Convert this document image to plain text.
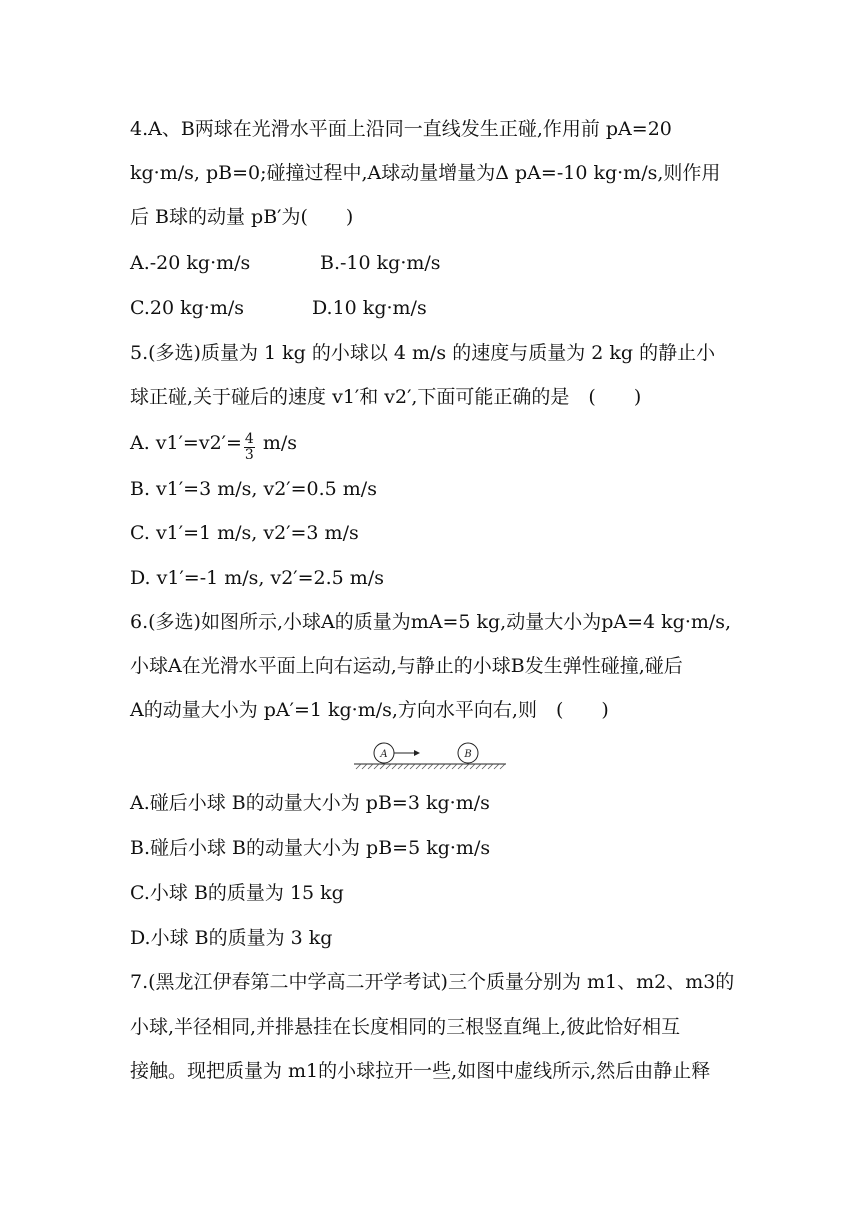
4.A、B两球在光滑水平面上沿同一直线发生正碰,作用前 pA=20
kg·m/s, pB=0;碰撞过程中,A球动量增量为Δ pA=-10 kg·m/s,则作用
后 B球的动量 pB′为(　　)
A.-20 kg·m/s	B.-10 kg·m/s
C.20 kg·m/s	D.10 kg·m/s
5.(多选)质量为 1 kg 的小球以 4 m/s 的速度与质量为 2 kg 的静止小
球正碰,关于碰后的速度 v1′和 v2′,下面可能正确的是　(　　)
A. $v1'=v2'= \frac{4}{3} m/s$
B. v1′=3 m/s, v2′=0.5 m/s
C. v1′=1 m/s, v2′=3 m/s
D. v1′=-1 m/s, v2′=2.5 m/s
6.(多选)如图所示,小球A的质量为mA=5 kg,动量大小为pA=4 kg·m/s,
小球A在光滑水平面上向右运动,与静止的小球B发生弹性碰撞,碰后
A的动量大小为 pA′=1 kg·m/s,方向水平向右,则　(　　)
A	B
A.碰后小球 B的动量大小为 pB=3 kg·m/s
B.碰后小球 B的动量大小为 pB=5 kg·m/s
C.小球 B的质量为 15 kg
D.小球 B的质量为 3 kg
7.(黑龙江伊春第二中学高二开学考试)三个质量分别为 m1、m2、m3的
小球,半径相同,并排悬挂在长度相同的三根竖直绳上,彼此恰好相互
接触。现把质量为 m1的小球拉开一些,如图中虚线所示,然后由静止释
